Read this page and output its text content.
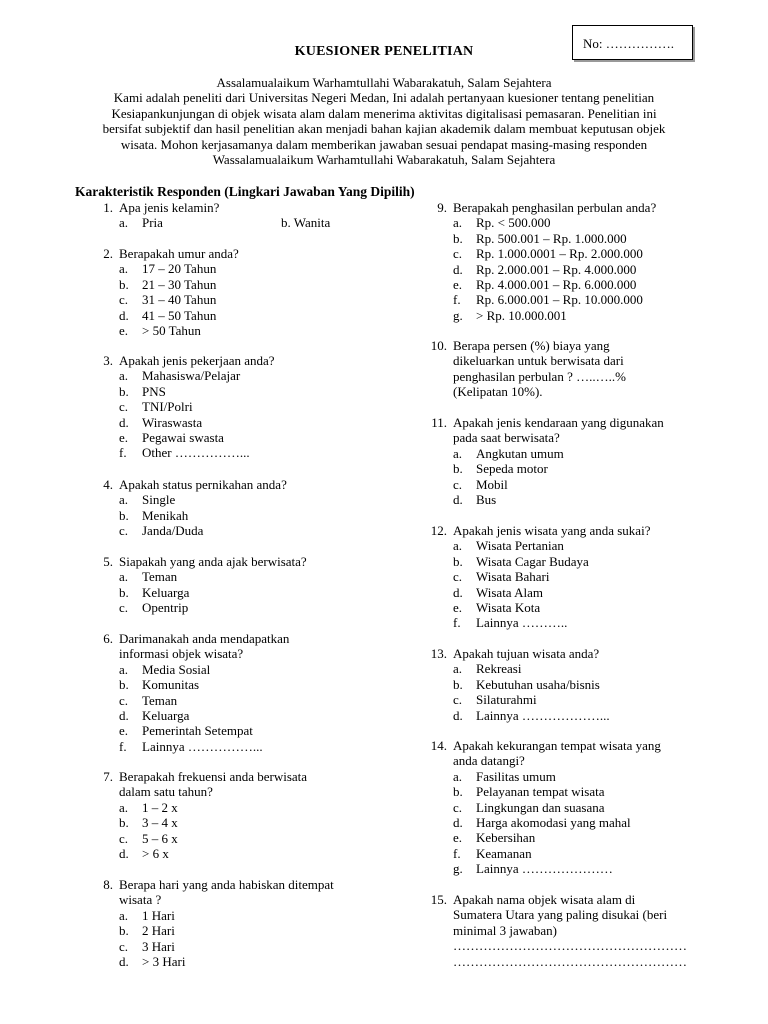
No: …………….
KUESIONER PENELITIAN
Assalamualaikum Warhamtullahi Wabarakatuh, Salam Sejahtera
Kami adalah peneliti dari Universitas Negeri Medan, Ini adalah pertanyaan kuesioner tentang penelitian
Kesiapankunjungan di objek wisata alam dalam menerima aktivitas digitalisasi pemasaran. Penelitian ini
bersifat subjektif dan hasil penelitian akan menjadi bahan kajian akademik dalam membuat keputusan objek
wisata. Mohon kerjasamanya dalam memberikan jawaban sesuai pendapat masing-masing responden
Wassalamualaikum Warhamtullahi Wabarakatuh, Salam Sejahtera
Karakteristik Responden (Lingkari Jawaban Yang Dipilih)
1. Apa jenis kelamin?
a.	Pria	b. Wanita
2. Berapakah umur anda?
a.	17 – 20 Tahun
b.	21 – 30 Tahun
c.	31 – 40 Tahun
d.	41 – 50 Tahun
e.	> 50 Tahun
3. Apakah jenis pekerjaan anda?
a.	Mahasiswa/Pelajar
b.	PNS
c.	TNI/Polri
d.	Wiraswasta
e.	Pegawai swasta
f.	Other ……………...
4. Apakah status pernikahan anda?
a.	Single
b.	Menikah
c.	Janda/Duda
5. Siapakah yang anda ajak berwisata?
a.	Teman
b.	Keluarga
c.	Opentrip
6. Darimanakah anda mendapatkan
informasi objek wisata?
a.	Media Sosial
b.	Komunitas
c.	Teman
d.	Keluarga
e.	Pemerintah Setempat
f.	Lainnya ……………...
7. Berapakah frekuensi anda berwisata
dalam satu tahun?
a.	1 – 2 x
b.	3 – 4 x
c.	5 – 6 x
d.	> 6 x
8. Berapa hari yang anda habiskan ditempat
wisata ?
a.	1 Hari
b.	2 Hari
c.	3 Hari
d.	> 3 Hari
9. Berapakah penghasilan perbulan anda?
a.	Rp. < 500.000
b.	Rp. 500.001 – Rp. 1.000.000
c.	Rp. 1.000.0001 – Rp. 2.000.000
d.	Rp. 2.000.001 – Rp. 4.000.000
e.	Rp. 4.000.001 – Rp. 6.000.000
f.	Rp. 6.000.001 – Rp. 10.000.000
g.	> Rp. 10.000.001
10. Berapa persen (%) biaya yang
dikeluarkan untuk berwisata dari
penghasilan perbulan ? …..…..%
(Kelipatan 10%).
11. Apakah jenis kendaraan yang digunakan
pada saat berwisata?
a.	Angkutan umum
b.	Sepeda motor
c.	Mobil
d.	Bus
12. Apakah jenis wisata yang anda sukai?
a.	Wisata Pertanian
b.	Wisata Cagar Budaya
c.	Wisata Bahari
d.	Wisata Alam
e.	Wisata Kota
f.	Lainnya ………..
13. Apakah tujuan wisata anda?
a.	Rekreasi
b.	Kebutuhan usaha/bisnis
c.	Silaturahmi
d.	Lainnya ………………...
14. Apakah kekurangan tempat wisata yang
anda datangi?
a.	Fasilitas umum
b.	Pelayanan tempat wisata
c.	Lingkungan dan suasana
d.	Harga akomodasi yang mahal
e.	Kebersihan
f.	Keamanan
g.	Lainnya …………………
15. Apakah nama objek wisata alam di
Sumatera Utara yang paling disukai (beri
minimal 3 jawaban)
………………………………………………
………………………………………………
